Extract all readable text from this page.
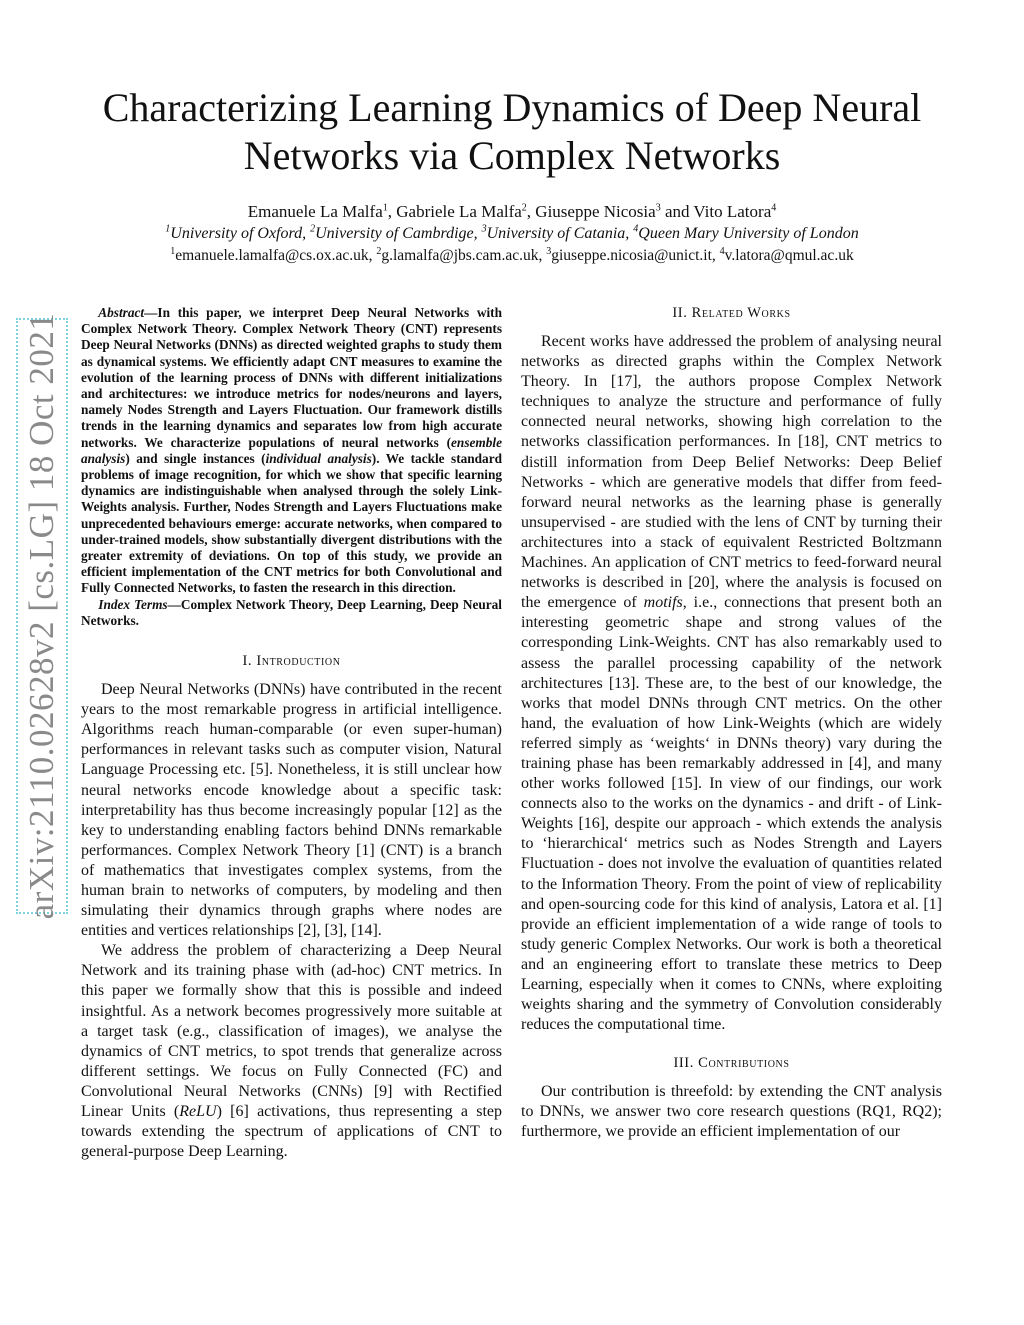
arXiv:2110.02628v2 [cs.LG] 18 Oct 2021
Characterizing Learning Dynamics of Deep Neural
Networks via Complex Networks
Emanuele La Malfa$^1$, Gabriele La Malfa$^2$, Giuseppe Nicosia$^3$ and Vito Latora$^4$
$^1$University of Oxford, $^2$University of Cambrdige, $^3$University of Catania, $^4$Queen Mary University of London
$^1$emanuele.lamalfa@cs.ox.ac.uk, $^2$g.lamalfa@jbs.cam.ac.uk, $^3$giuseppe.nicosia@unict.it, $^4$v.latora@qmul.ac.uk

Abstract—In this paper, we interpret Deep Neural Networks with Complex Network Theory. Complex Network Theory (CNT) represents Deep Neural Networks (DNNs) as directed weighted graphs to study them as dynamical systems. We efficiently adapt CNT measures to examine the evolution of the learning process of DNNs with different initializations and architectures: we introduce metrics for nodes/neurons and layers, namely Nodes Strength and Layers Fluctuation. Our framework distills trends in the learning dynamics and separates low from high accurate networks. We characterize populations of neural networks (ensemble analysis) and single instances (individual analysis). We tackle standard problems of image recognition, for which we show that specific learning dynamics are indistinguishable when analysed through the solely Link-Weights analysis. Further, Nodes Strength and Layers Fluctuations make unprecedented behaviours emerge: accurate networks, when compared to under-trained models, show substantially divergent distributions with the greater extremity of deviations. On top of this study, we provide an efficient implementation of the CNT metrics for both Convolutional and Fully Connected Networks, to fasten the research in this direction.

Index Terms—Complex Network Theory, Deep Learning, Deep Neural Networks.

I. Introduction

Deep Neural Networks (DNNs) have contributed in the recent years to the most remarkable progress in artificial intelligence. Algorithms reach human-comparable (or even super-human) performances in relevant tasks such as computer vision, Natural Language Processing etc. [5]. Nonetheless, it is still unclear how neural networks encode knowledge about a specific task: interpretability has thus become increasingly popular [12] as the key to understanding enabling factors behind DNNs remarkable performances. Complex Network Theory [1] (CNT) is a branch of mathematics that investigates complex systems, from the human brain to networks of computers, by modeling and then simulating their dynamics through graphs where nodes are entities and vertices relationships [2], [3], [14].

We address the problem of characterizing a Deep Neural Network and its training phase with (ad-hoc) CNT metrics. In this paper we formally show that this is possible and indeed insightful. As a network becomes progressively more suitable at a target task (e.g., classification of images), we analyse the dynamics of CNT metrics, to spot trends that generalize across different settings. We focus on Fully Connected (FC) and Convolutional Neural Networks (CNNs) [9] with Rectified Linear Units (ReLU) [6] activations, thus representing a step towards extending the spectrum of applications of CNT to general-purpose Deep Learning.

II. Related Works

Recent works have addressed the problem of analysing neural networks as directed graphs within the Complex Network Theory. In [17], the authors propose Complex Network techniques to analyze the structure and performance of fully connected neural networks, showing high correlation to the networks classification performances. In [18], CNT metrics to distill information from Deep Belief Networks: Deep Belief Networks - which are generative models that differ from feed-forward neural networks as the learning phase is generally unsupervised - are studied with the lens of CNT by turning their architectures into a stack of equivalent Restricted Boltzmann Machines. An application of CNT metrics to feed-forward neural networks is described in [20], where the analysis is focused on the emergence of motifs, i.e., connections that present both an interesting geometric shape and strong values of the corresponding Link-Weights. CNT has also remarkably used to assess the parallel processing capability of the network architectures [13]. These are, to the best of our knowledge, the works that model DNNs through CNT metrics. On the other hand, the evaluation of how Link-Weights (which are widely referred simply as ‘weights‘ in DNNs theory) vary during the training phase has been remarkably addressed in [4], and many other works followed [15]. In view of our findings, our work connects also to the works on the dynamics - and drift - of Link-Weights [16], despite our approach - which extends the analysis to ‘hierarchical‘ metrics such as Nodes Strength and Layers Fluctuation - does not involve the evaluation of quantities related to the Information Theory. From the point of view of replicability and open-sourcing code for this kind of analysis, Latora et al. [1] provide an efficient implementation of a wide range of tools to study generic Complex Networks. Our work is both a theoretical and an engineering effort to translate these metrics to Deep Learning, especially when it comes to CNNs, where exploiting weights sharing and the symmetry of Convolution considerably reduces the computational time.

III. Contributions

Our contribution is threefold: by extending the CNT analysis to DNNs, we answer two core research questions (RQ1, RQ2); furthermore, we provide an efficient implementation of our
